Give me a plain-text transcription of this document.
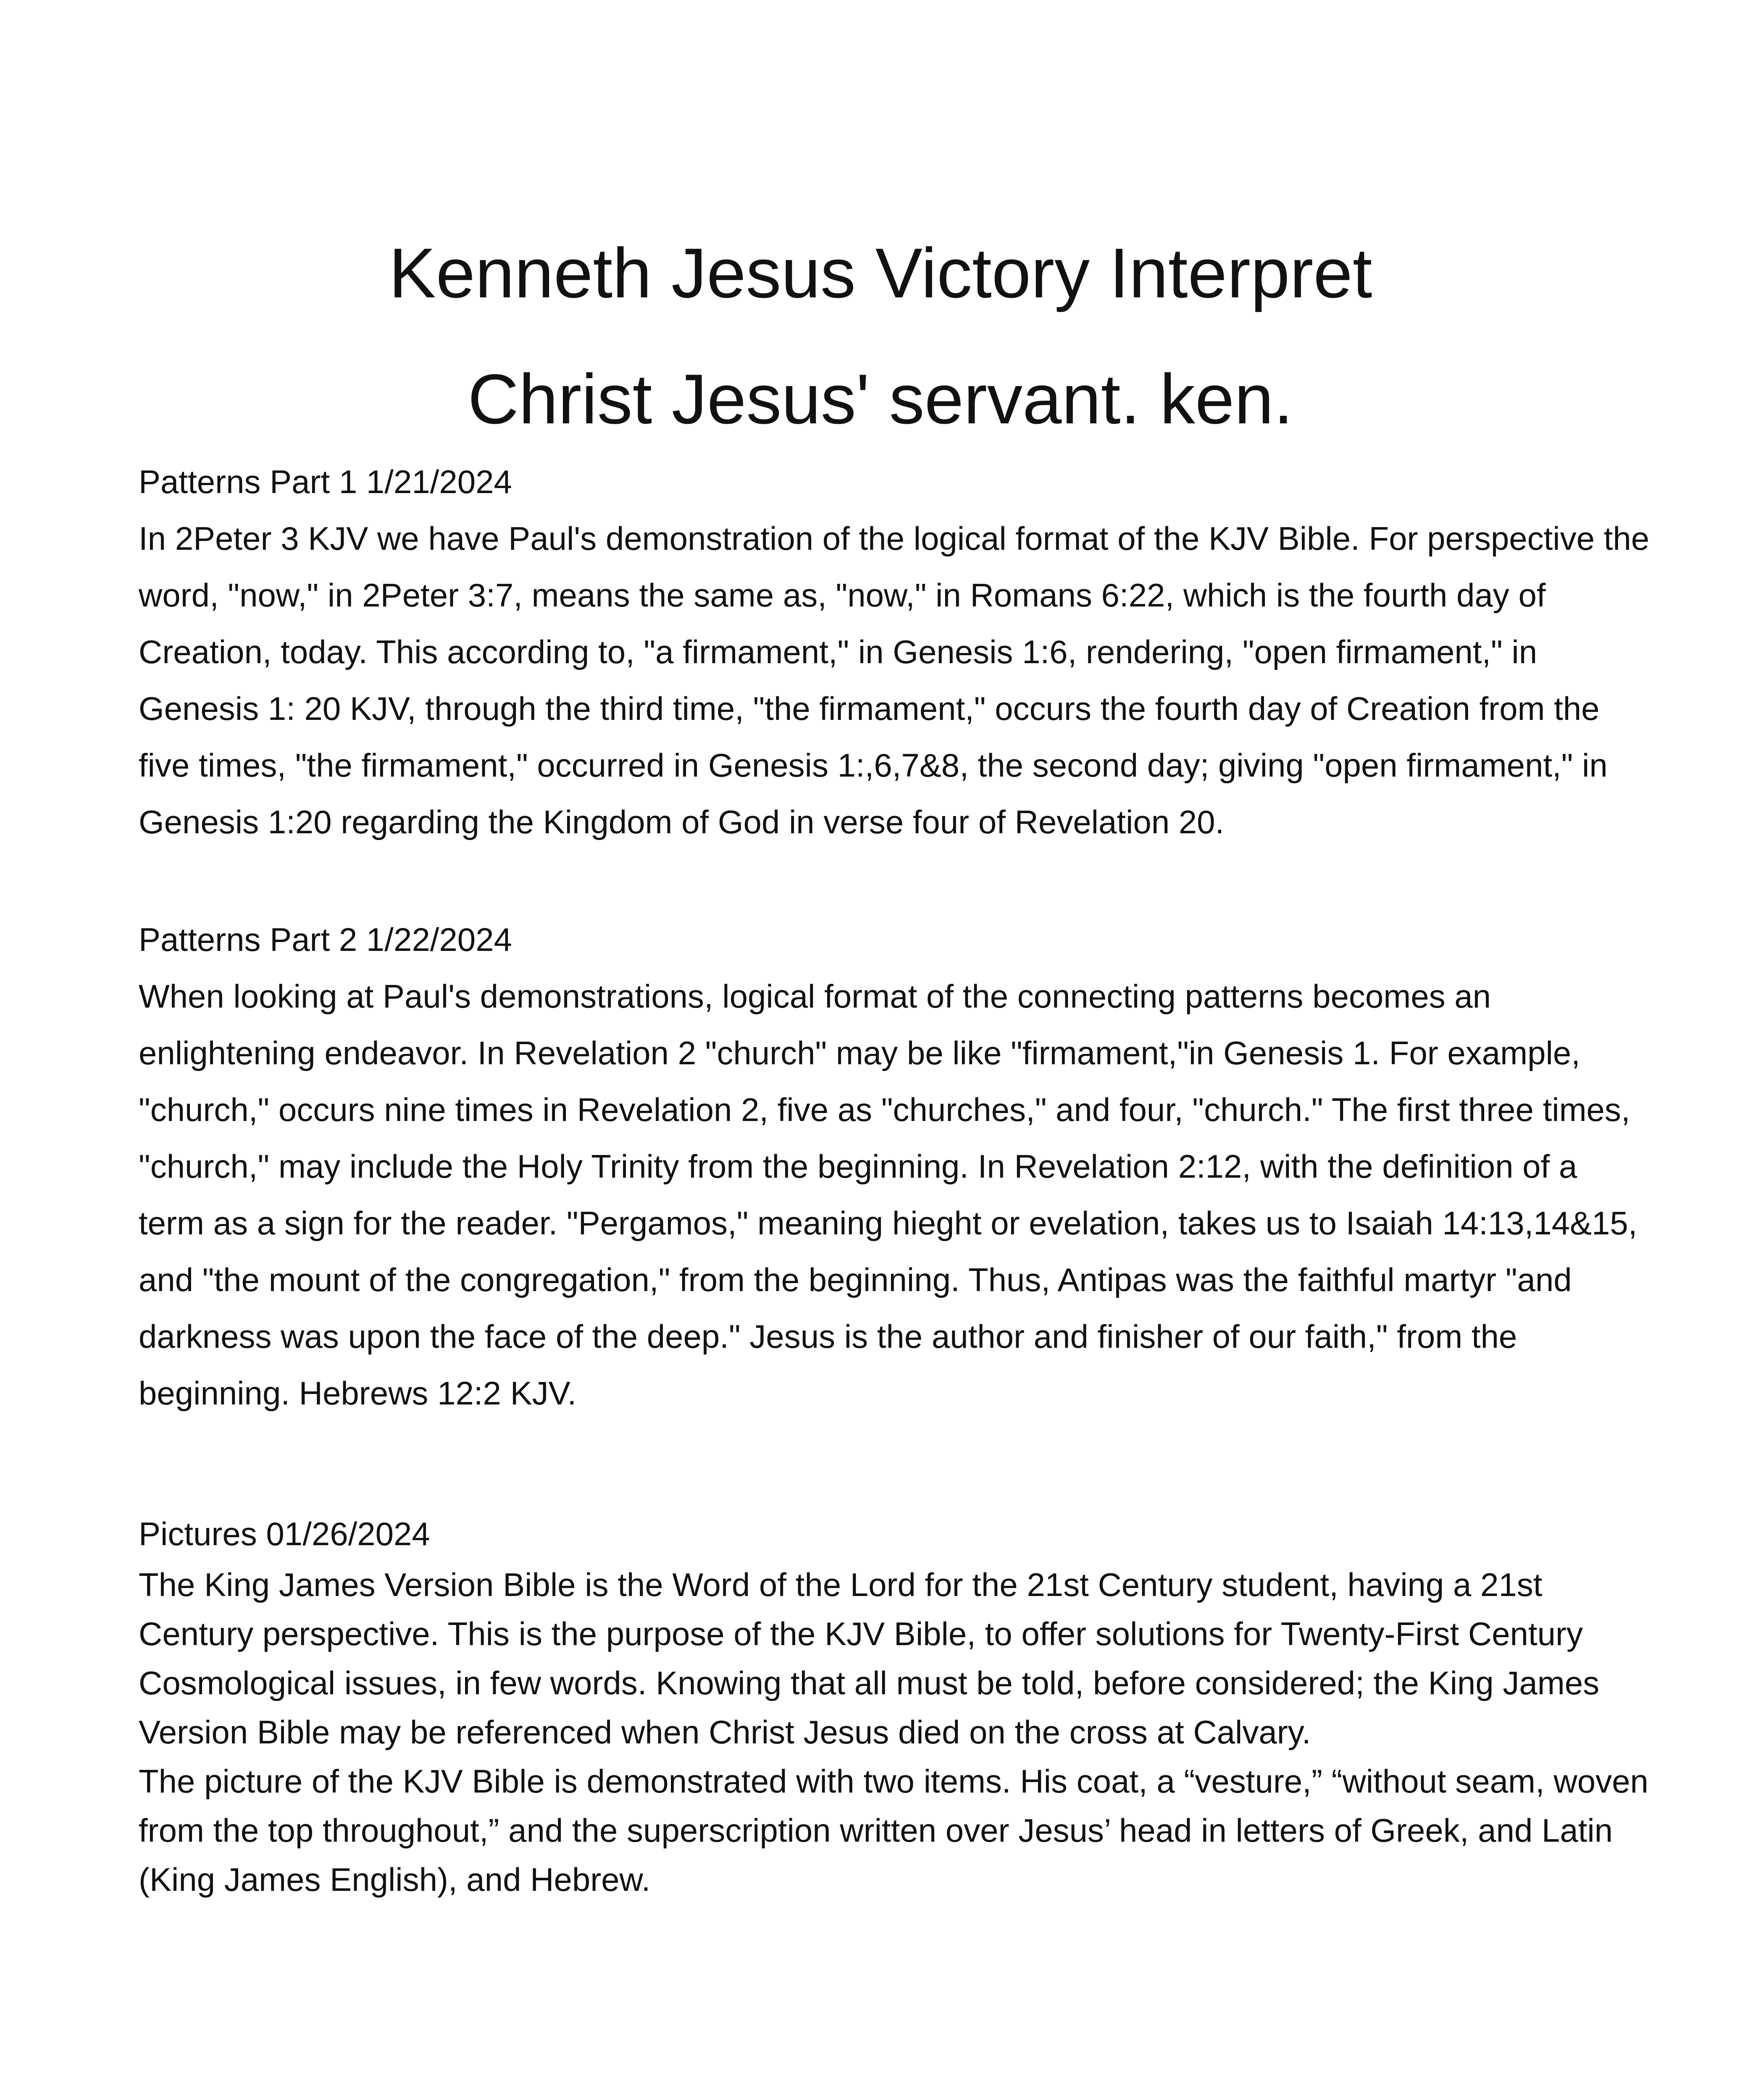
Kenneth Jesus Victory Interpret
Christ Jesus' servant. ken.
Patterns Part 1 1/21/2024

In 2Peter 3 KJV we have Paul's demonstration of the logical format of the KJV Bible. For perspective the word, "now," in 2Peter 3:7, means the same as, "now," in Romans 6:22, which is the fourth day of Creation, today. This according to, "a firmament," in Genesis 1:6, rendering, "open firmament," in Genesis 1: 20 KJV, through the third time, "the firmament," occurs the fourth day of Creation from the five times, "the firmament," occurred in Genesis 1:,6,7&8, the second day; giving "open firmament," in Genesis 1:20 regarding the Kingdom of God in verse four of Revelation 20.

Patterns Part 2 1/22/2024

When looking at Paul's demonstrations, logical format of the connecting patterns becomes an enlightening endeavor. In Revelation 2 "church" may be like "firmament,"in Genesis 1. For example, "church," occurs nine times in Revelation 2, five as "churches," and four, "church." The first three times, "church," may include the Holy Trinity from the beginning. In Revelation 2:12, with the definition of a term as a sign for the reader. "Pergamos," meaning hieght or evelation, takes us to Isaiah 14:13,14&15, and "the mount of the congregation," from the beginning. Thus, Antipas was the faithful martyr "and darkness was upon the face of the deep." Jesus is the author and finisher of our faith," from the beginning. Hebrews 12:2 KJV.

Pictures 01/26/2024

The King James Version Bible is the Word of the Lord for the 21st Century student, having a 21st Century perspective. This is the purpose of the KJV Bible, to offer solutions for Twenty-First Century Cosmological issues, in few words. Knowing that all must be told, before considered; the King James Version Bible may be referenced when Christ Jesus died on the cross at Calvary.

The picture of the KJV Bible is demonstrated with two items. His coat, a “vesture,” “without seam, woven from the top throughout,” and the superscription written over Jesus’ head in letters of Greek, and Latin (King James English), and Hebrew.
